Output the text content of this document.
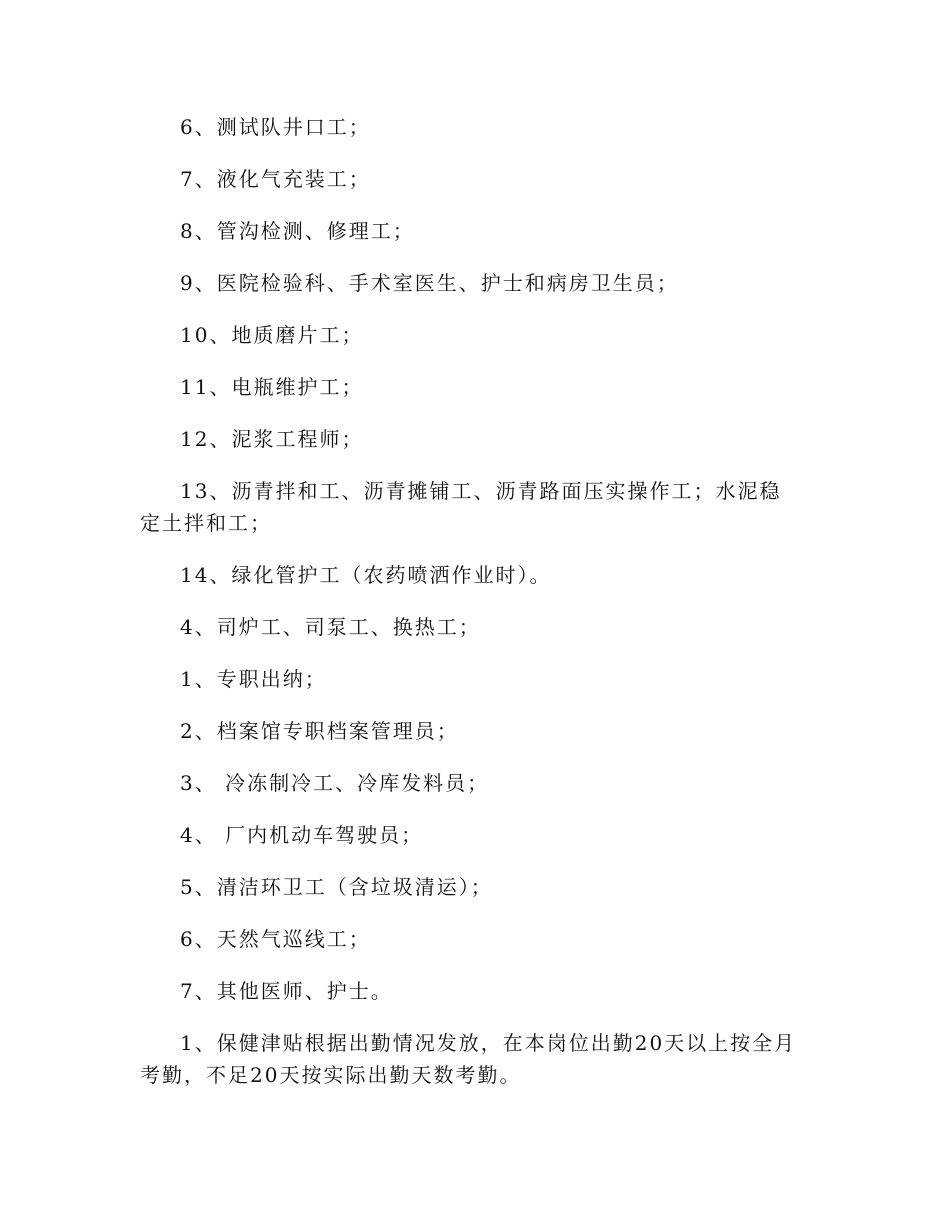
6、测试队井口工；

7、液化气充装工；

8、管沟检测、修理工；

9、医院检验科、手术室医生、护士和病房卫生员；

10、地质磨片工；

11、电瓶维护工；

12、泥浆工程师；

13、沥青拌和工、沥青摊铺工、沥青路面压实操作工；水泥稳定土拌和工；

14、绿化管护工（农药喷洒作业时）。

4、司炉工、司泵工、换热工；

1、专职出纳；

2、档案馆专职档案管理员；

3、 冷冻制冷工、冷库发料员；

4、 厂内机动车驾驶员；

5、清洁环卫工（含垃圾清运）；

6、天然气巡线工；

7、其他医师、护士。

1、保健津贴根据出勤情况发放，在本岗位出勤20天以上按全月考勤，不足20天按实际出勤天数考勤。
